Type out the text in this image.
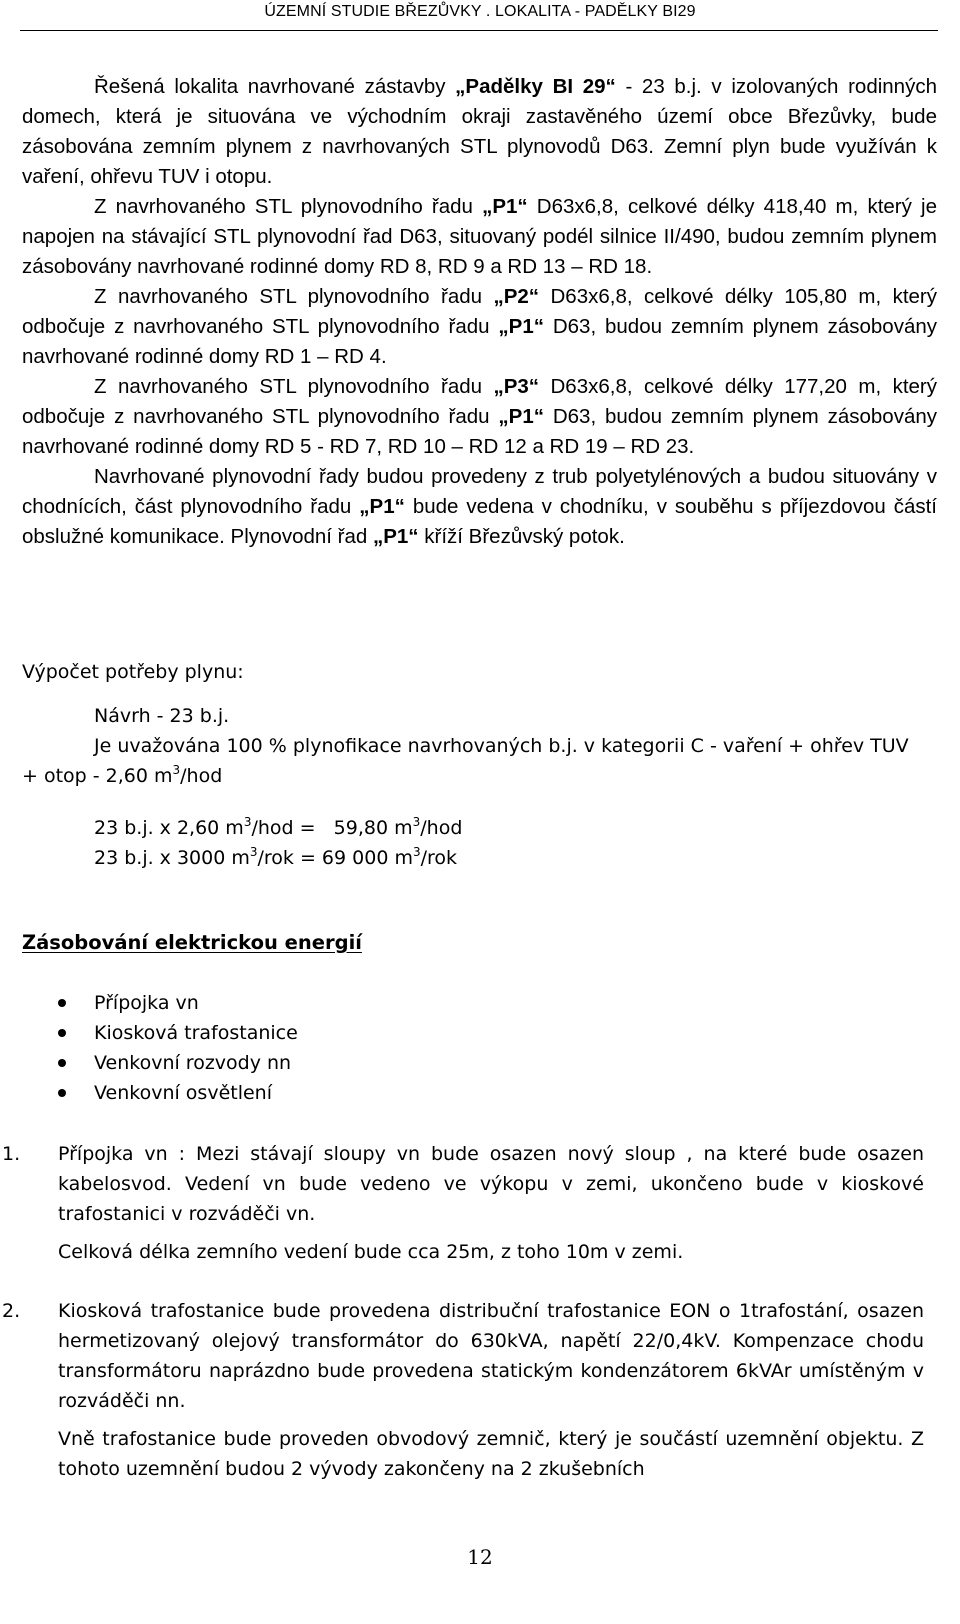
ÚZEMNÍ STUDIE BŘEZŮVKY . LOKALITA - PADĚLKY BI29

Řešená lokalita navrhované zástavby „Padělky BI 29“ - 23 b.j. v izolovaných rodinných domech, která je situována ve východním okraji zastavěného území obce Březůvky, bude zásobována zemním plynem z navrhovaných STL plynovodů D63. Zemní plyn bude využíván k vaření, ohřevu TUV i otopu.

Z navrhovaného STL plynovodního řadu „P1“ D63x6,8, celkové délky 418,40 m, který je napojen na stávající STL plynovodní řad D63, situovaný podél silnice II/490, budou zemním plynem zásobovány navrhované rodinné domy RD 8, RD 9 a RD 13 – RD 18.

Z navrhovaného STL plynovodního řadu „P2“ D63x6,8, celkové délky 105,80 m, který odbočuje z navrhovaného STL plynovodního řadu „P1“ D63, budou zemním plynem zásobovány navrhované rodinné domy RD 1 – RD 4.

Z navrhovaného STL plynovodního řadu „P3“ D63x6,8, celkové délky 177,20 m, který odbočuje z navrhovaného STL plynovodního řadu „P1“ D63, budou zemním plynem zásobovány navrhované rodinné domy RD 5 - RD 7, RD 10 – RD 12 a RD 19 – RD 23.

Navrhované plynovodní řady budou provedeny z trub polyetylénových a budou situovány v chodnících, část plynovodního řadu „P1“ bude vedena v chodníku, v souběhu s příjezdovou částí obslužné komunikace. Plynovodní řad „P1“ kříží Březůvský potok.

Výpočet potřeby plynu:
Návrh - 23 b.j.
Je uvažována 100 % plynofikace navrhovaných b.j. v kategorii C - vaření + ohřev TUV + otop - 2,60 $m^3$/hod
23 b.j. x 2,60 $m^3$/hod =   59,80 $m^3$/hod
23 b.j. x 3000 $m^3$/rok = 69 000 $m^3$/rok
Zásobování elektrickou energií
Přípojka vn
Kiosková trafostanice
Venkovní rozvody nn
Venkovní osvětlení
1. Přípojka vn : Mezi stávají sloupy vn bude osazen nový sloup , na které bude osazen kabelosvod. Vedení vn bude vedeno ve výkopu v zemi, ukončeno bude v kioskové trafostanici v rozváděči vn.

Celková délka zemního vedení bude cca 25m, z toho 10m v zemi.

2. Kiosková trafostanice bude provedena distribuční trafostanice EON o 1trafostání, osazen hermetizovaný olejový transformátor do 630kVA, napětí 22/0,4kV. Kompenzace chodu transformátoru naprázdno bude provedena statickým kondenzátorem 6kVAr umístěným v rozváděči nn.

Vně trafostanice bude proveden obvodový zemnič, který je součástí uzemnění objektu. Z tohoto uzemnění budou 2 vývody zakončeny na 2 zkušebních

12
